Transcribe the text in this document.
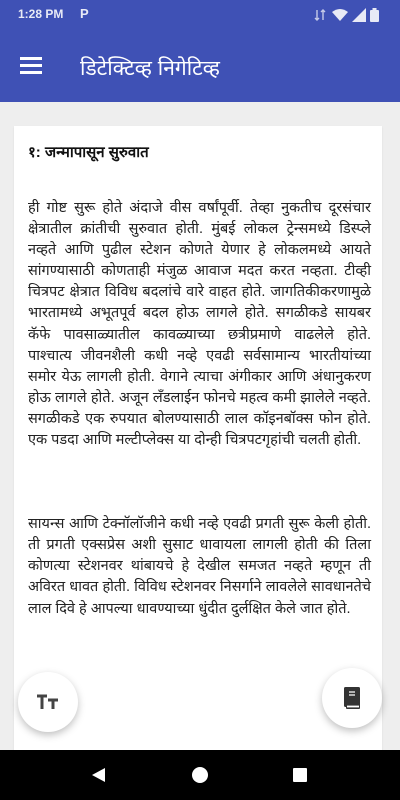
1:28 PM P
डिटेक्टिव्ह निगेटिव्ह
१: जन्मापासून सुरुवात

ही गोष्ट सुरू होते अंदाजे वीस वर्षांपूर्वी. तेव्हा नुकतीच दूरसंचार क्षेत्रातील क्रांतीची सुरुवात होती. मुंबई लोकल ट्रेन्समध्ये डिस्प्ले नव्हते आणि पुढील स्टेशन कोणते येणार हे लोकलमध्ये आयते सांगण्यासाठी कोणताही मंजुळ आवाज मदत करत नव्हता. टीव्ही चित्रपट क्षेत्रात विविध बदलांचे वारे वाहत होते. जागतिकीकरणामुळे भारतामध्ये अभूतपूर्व बदल होऊ लागले होते. सगळीकडे सायबर कॅफे पावसाळ्यातील कावळ्याच्या छत्रीप्रमाणे वाढलेले होते. पाश्चात्य जीवनशैली कधी नव्हे एवढी सर्वसामान्य भारतीयांच्या समोर येऊ लागली होती. वेगाने त्याचा अंगीकार आणि अंधानुकरण होऊ लागले होते. अजून लॅंडलाईन फोनचे महत्व कमी झालेले नव्हते. सगळीकडे एक रुपयात बोलण्यासाठी लाल कॉइनबॉक्स फोन होते. एक पडदा आणि मल्टीप्लेक्स या दोन्ही चित्रपटगृहांची चलती होती.

सायन्स आणि टेक्नॉलॉजीने कधी नव्हे एवढी प्रगती सुरू केली होती. ती प्रगती एक्सप्रेस अशी सुसाट धावायला लागली होती की तिला कोणत्या स्टेशनवर थांबायचे हे देखील समजत नव्हते म्हणून ती अविरत धावत होती. विविध स्टेशनवर निसर्गाने लावलेले सावधानतेचे लाल दिवे हे आपल्या धावण्याच्या धुंदीत दुर्लक्षित केले जात होते.
